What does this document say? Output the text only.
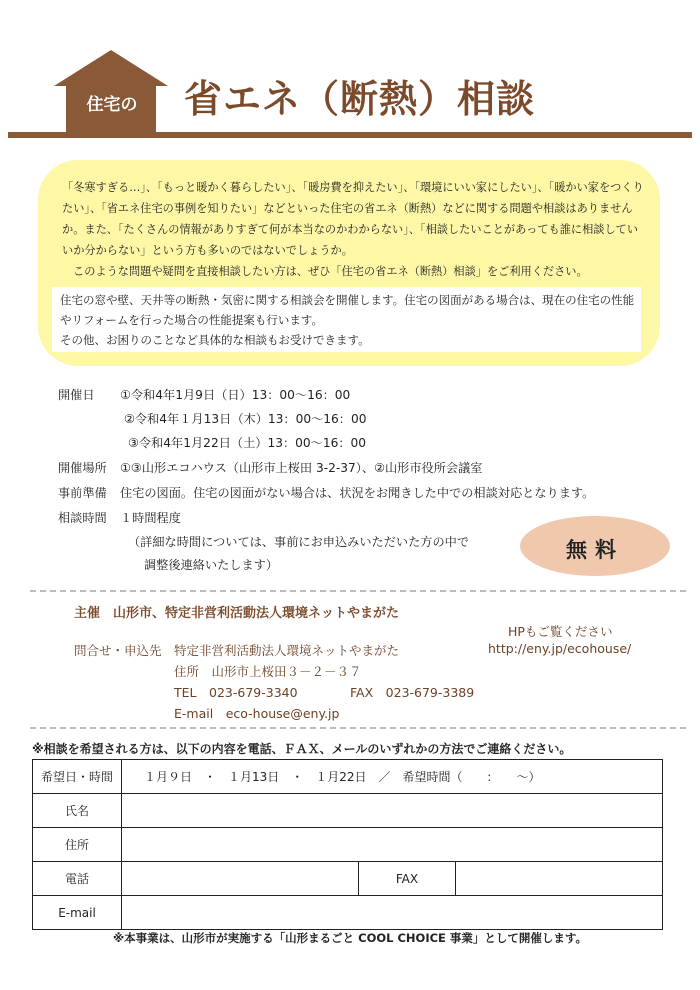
住宅の	省エネ（断熱）相談

「冬寒すぎる…」、「もっと暖かく暮らしたい」、「暖房費を抑えたい」、「環境にいい家にしたい」、「暖かい家をつくりたい」、「省エネ住宅の事例を知りたい」などといった住宅の省エネ（断熱）などに関する問題や相談はありませんか。また、「たくさんの情報がありすぎて何が本当なのかわからない」、「相談したいことがあっても誰に相談していいか分からない」という方も多いのではないでしょうか。

このような問題や疑問を直接相談したい方は、ぜひ「住宅の省エネ（断熱）相談」をご利用ください。

住宅の窓や壁、天井等の断熱・気密に関する相談会を開催します。住宅の図面がある場合は、現在の住宅の性能やリフォームを行った場合の性能提案も行います。

その他、お困りのことなど具体的な相談もお受けできます。

開催日 ①令和4年1月9日（日）13：00～16：00
②令和4年１月13日（木）13：00～16：00
③令和4年1月22日（土）13：00～16：00
開催場所 ①③山形エコハウス（山形市上桜田 3-2-37）、②山形市役所会議室
事前準備 住宅の図面。住宅の図面がない場合は、状況をお聞きした中での相談対応となります。
相談時間 １時間程度
（詳細な時間については、事前にお申込みいただいた方の中で
調整後連絡いたします）
無料
主催　山形市、特定非営利活動法人環境ネットやまがた
問合せ・申込先 特定非営利活動法人環境ネットやまがた
住所　山形市上桜田３－２－３７
TEL　023-679-3340	FAX　023-679-3389
E-mail　eco-house@eny.jp
HPもご覧ください
http://eny.jp/ecohouse/
※相談を希望される方は、以下の内容を電話、ＦＡＸ、メールのいずれかの方法でご連絡ください。
希望日・時間	１月９日　・　１月13日　・　１月22日　／　希望時間（　　：　　～）		
氏名			
住所			
電話		FAX	
E-mail			
※本事業は、山形市が実施する「山形まるごと COOL CHOICE 事業」として開催します。
